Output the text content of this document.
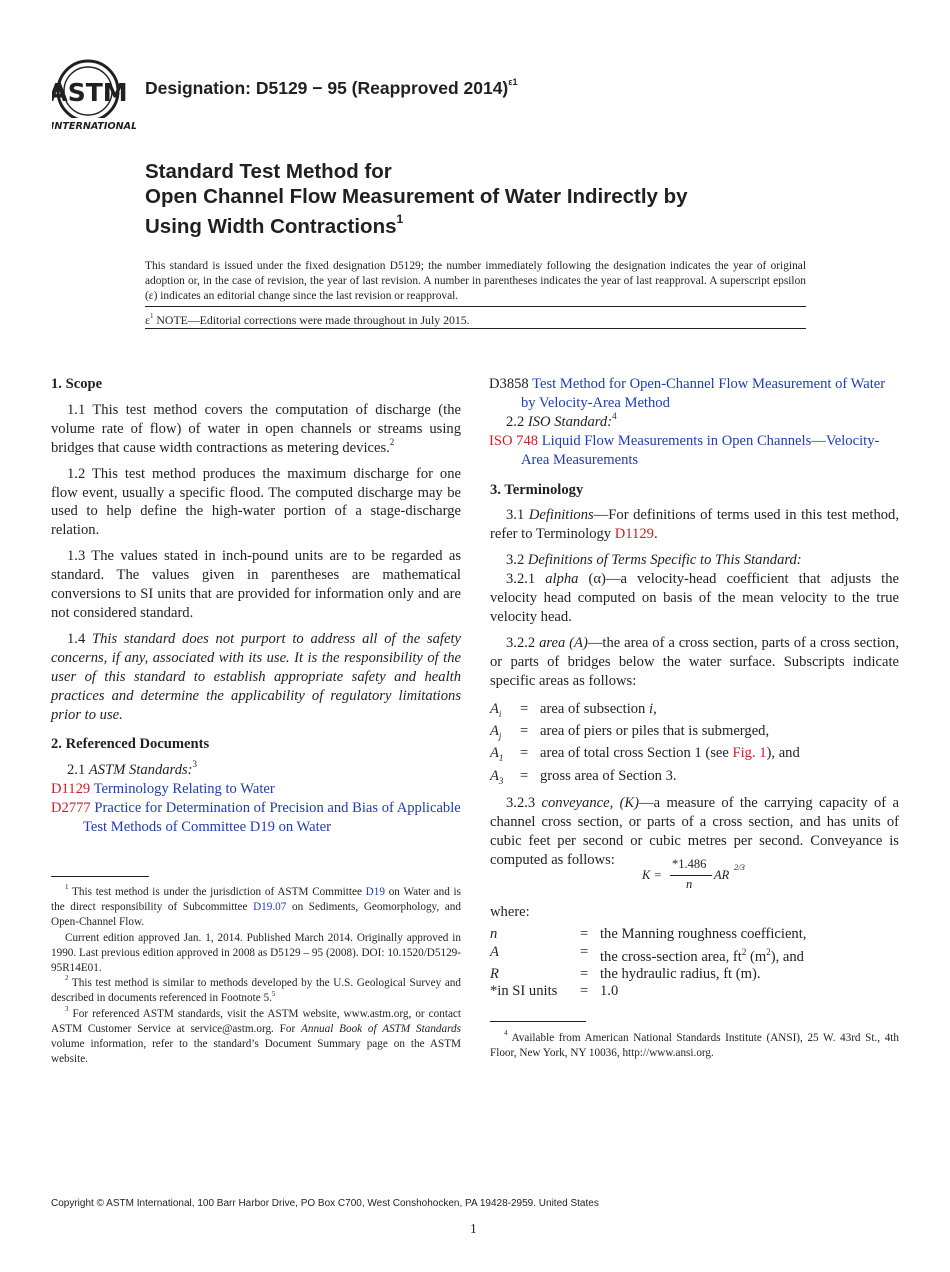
ASTM
INTERNATIONAL
Designation: D5129 − 95 (Reapproved 2014)$^{\varepsilon 1}$
Standard Test Method for
Open Channel Flow Measurement of Water Indirectly by
Using Width Contractions$^1$
This standard is issued under the fixed designation D5129; the number immediately following the designation indicates the year of original adoption or, in the case of revision, the year of last revision. A number in parentheses indicates the year of last reapproval. A superscript epsilon (ε) indicates an editorial change since the last revision or reapproval.
$\varepsilon^1$ NOTE—Editorial corrections were made throughout in July 2015.
1. Scope

1.1 This test method covers the computation of discharge (the volume rate of flow) of water in open channels or streams using bridges that cause width contractions as metering devices.$^2$

1.2 This test method produces the maximum discharge for one flow event, usually a specific flood. The computed discharge may be used to help define the high-water portion of a stage-discharge relation.

1.3 The values stated in inch-pound units are to be regarded as standard. The values given in parentheses are mathematical conversions to SI units that are provided for information only and are not considered standard.

1.4 This standard does not purport to address all of the safety concerns, if any, associated with its use. It is the responsibility of the user of this standard to establish appropriate safety and health practices and determine the applicability of regulatory limitations prior to use.

2. Referenced Documents

2.1 ASTM Standards:$^3$

D1129 Terminology Relating to Water

D2777 Practice for Determination of Precision and Bias of Applicable Test Methods of Committee D19 on Water

$^1$ This test method is under the jurisdiction of ASTM Committee D19 on Water and is the direct responsibility of Subcommittee D19.07 on Sediments, Geomorphology, and Open-Channel Flow.

Current edition approved Jan. 1, 2014. Published March 2014. Originally approved in 1990. Last previous edition approved in 2008 as D5129 – 95 (2008). DOI: 10.1520/D5129-95R14E01.

$^2$ This test method is similar to methods developed by the U.S. Geological Survey and described in documents referenced in Footnote 5.$^5$

$^3$ For referenced ASTM standards, visit the ASTM website, www.astm.org, or contact ASTM Customer Service at service@astm.org. For Annual Book of ASTM Standards volume information, refer to the standard’s Document Summary page on the ASTM website.

D3858 Test Method for Open-Channel Flow Measurement of Water by Velocity-Area Method

2.2 ISO Standard:$^4$

ISO 748 Liquid Flow Measurements in Open Channels—Velocity-Area Measurements

3. Terminology

3.1 Definitions—For definitions of terms used in this test method, refer to Terminology D1129.

3.2 Definitions of Terms Specific to This Standard:

3.2.1 alpha (α)—a velocity-head coefficient that adjusts the velocity head computed on basis of the mean velocity to the true velocity head.

3.2.2 area (A)—the area of a cross section, parts of a cross section, or parts of bridges below the water surface. Subscripts indicate specific areas as follows:

$A_i$	=	area of subsection i,
$A_j$	=	area of piers or piles that is submerged,
$A_1$	=	area of total cross Section 1 (see Fig. 1), and
$A_3$	=	gross area of Section 3.

3.2.3 conveyance, (K)—a measure of the carrying capacity of a channel cross section, or parts of a cross section, and has units of cubic feet per second or cubic metres per second. Conveyance is computed as follows:

K =
*1.486
n
AR
2/3
where:
n	=	the Manning roughness coefficient,
A	=	the cross-section area, $ft^2$ $(m^2)$, and
R	=	the hydraulic radius, ft (m).
*in SI units	=	1.0

$^4$ Available from American National Standards Institute (ANSI), 25 W. 43rd St., 4th Floor, New York, NY 10036, http://www.ansi.org.

Copyright © ASTM International, 100 Barr Harbor Drive, PO Box C700, West Conshohocken, PA 19428-2959. United States
1
